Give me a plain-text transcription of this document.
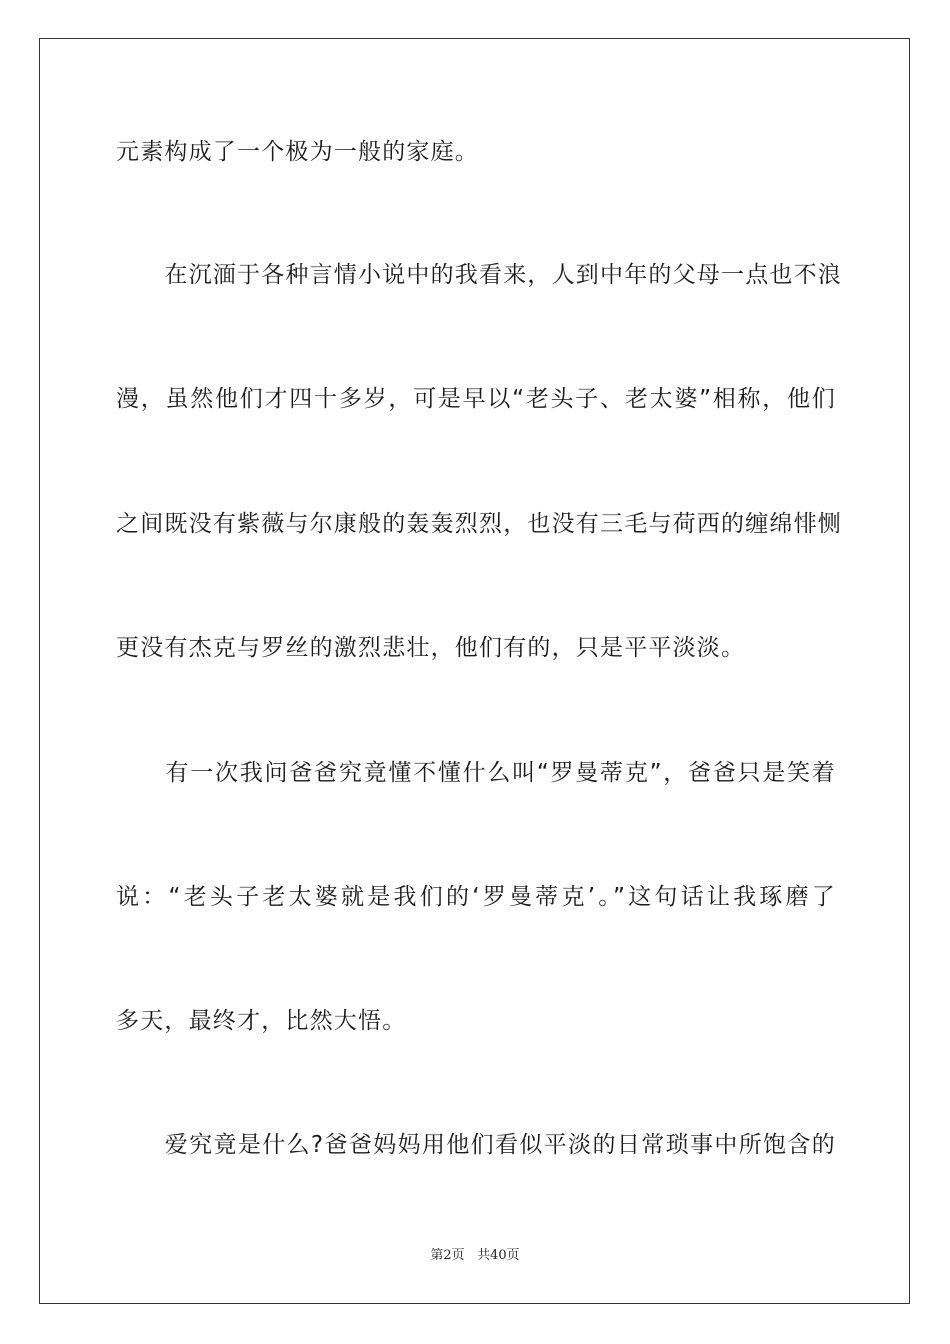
元素构成了一个极为一般的家庭。
　　在沉湎于各种言情小说中的我看来，人到中年的父母一点也不浪
漫，虽然他们才四十多岁，可是早以“老头子、老太婆”相称，他们
之间既没有紫薇与尔康般的轰轰烈烈，也没有三毛与荷西的缠绵悱恻
更没有杰克与罗丝的激烈悲壮，他们有的，只是平平淡淡。
　　有一次我问爸爸究竟懂不懂什么叫“罗曼蒂克”，爸爸只是笑着
说：“老头子老太婆就是我们的‘罗曼蒂克’。”这句话让我琢磨了
多天，最终才，比然大悟。
　　爱究竟是什么?爸爸妈妈用他们看似平淡的日常琐事中所饱含的
第2页 共40页
